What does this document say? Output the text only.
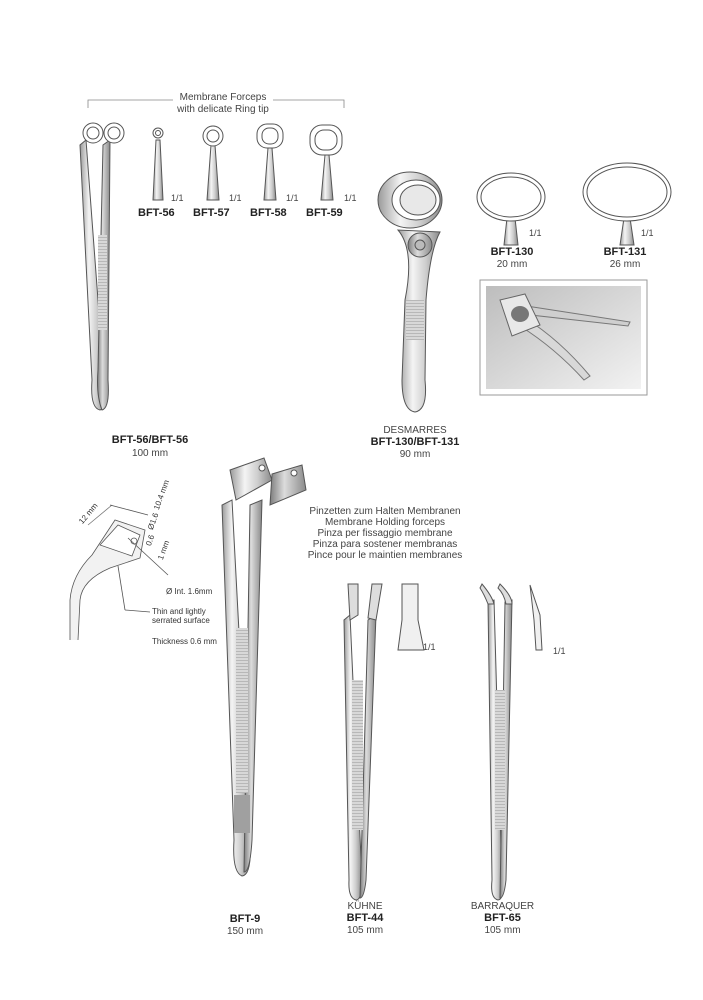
Membrane Forceps
with delicate Ring tip
1/1	1/1	1/1	1/1
BFT-56 BFT-57 BFT-58 BFT-59
BFT-56/BFT-56
100 mm
DESMARRES
BFT-130/BFT-131
90 mm
1/1	1/1
BFT-130
20 mm
BFT-131
26 mm
12 mm
10.4 mm
Ø1.6
0.6 1 mm
Ø Int. 1.6mm
Thin and lightly
serrated surface
Thickness 0.6 mm
Pinzetten zum Halten Membranen
Membrane Holding forceps
Pinza per fissaggio membrane
Pinza para sostener membranas
Pince pour le maintien membranes
1/1	1/1
BFT-9
150 mm
KÜHNE
BFT-44
105 mm
BARRAQUER
BFT-65
105 mm
